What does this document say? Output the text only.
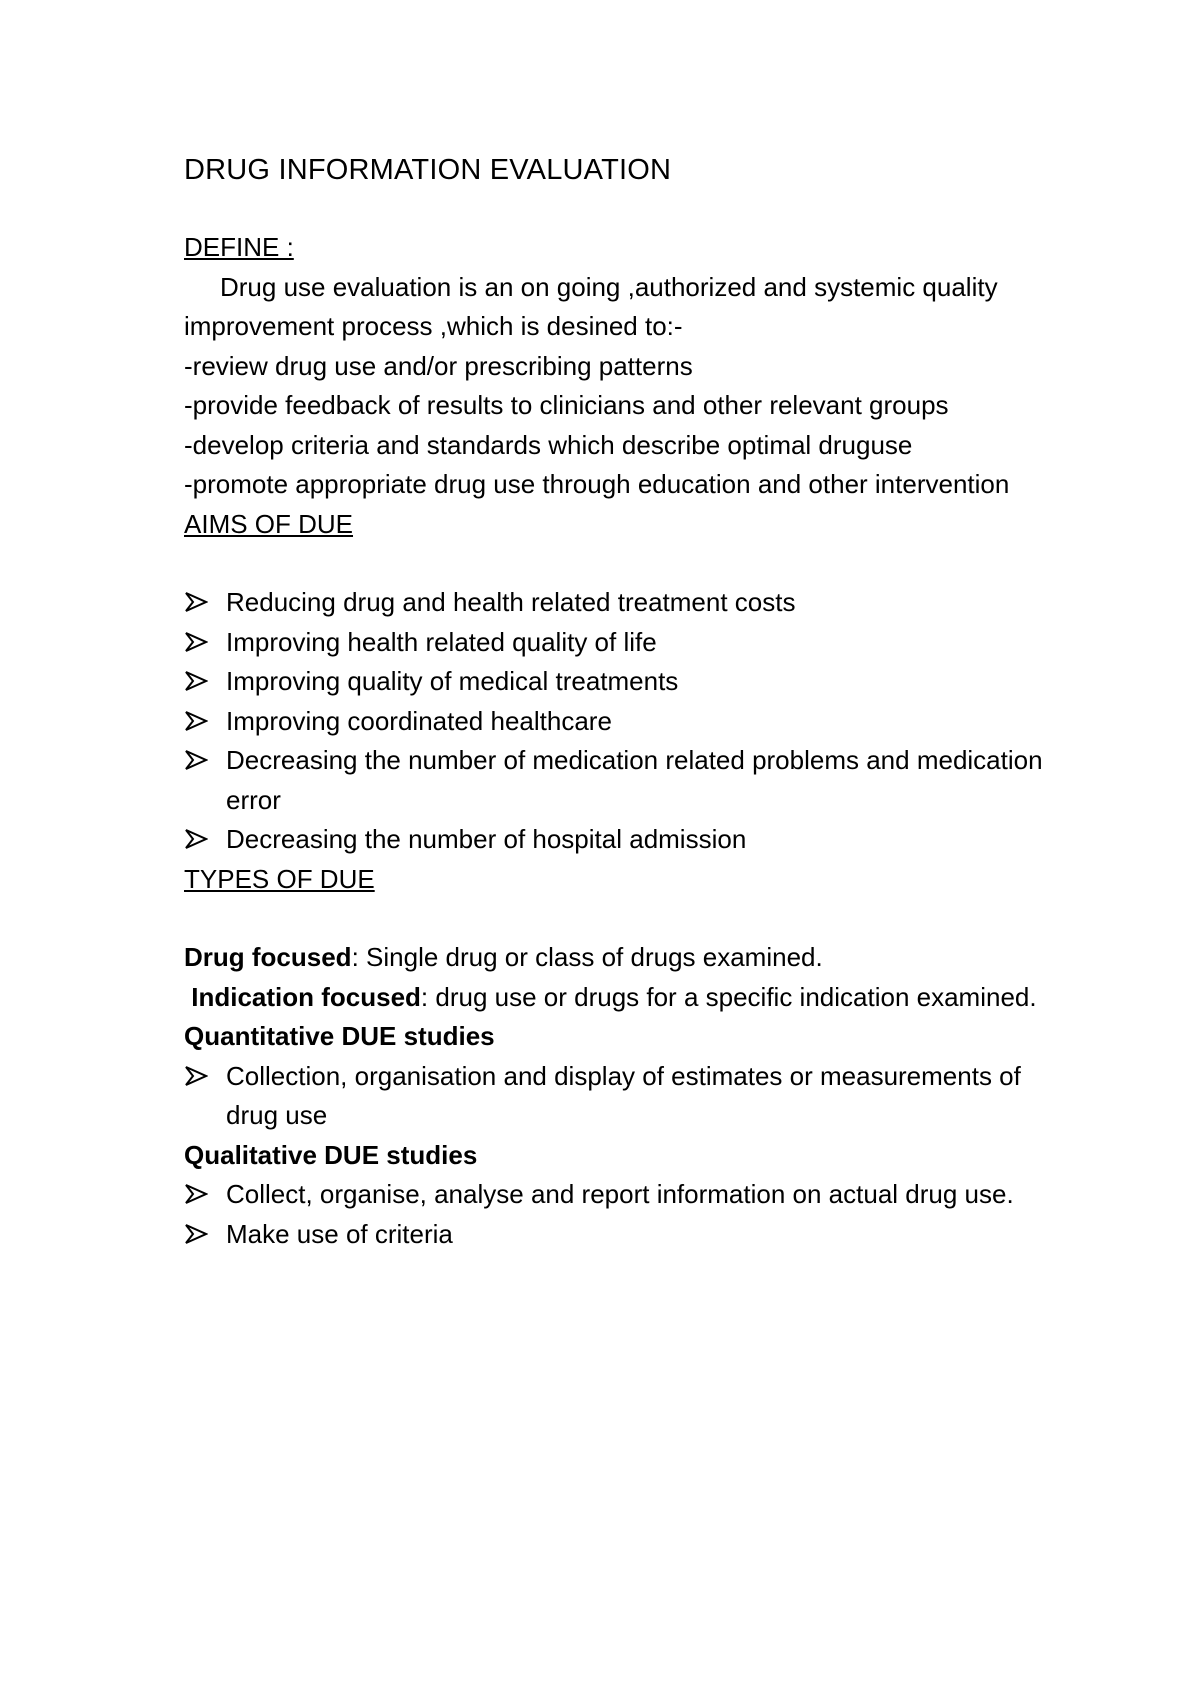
DRUG INFORMATION EVALUATION

DEFINE :

Drug use evaluation is an on going ,authorized and systemic quality improvement process ,which is desined to:-

-review drug use and/or prescribing patterns

-provide feedback of results to clinicians and other relevant groups

-develop criteria and standards which describe optimal druguse

-promote appropriate drug use through education and other intervention

AIMS OF DUE

Reducing drug and health related treatment costs
Improving health related quality of life
Improving quality of medical treatments
Improving coordinated healthcare
Decreasing the number of medication related problems and medication error
Decreasing the number of hospital admission

TYPES OF DUE

Drug focused: Single drug or class of drugs examined.

Indication focused: drug use or drugs for a specific indication examined.

Quantitative DUE studies

Collection, organisation and display of estimates or measurements of drug use

Qualitative DUE studies

Collect, organise, analyse and report information on actual drug use.
Make use of criteria
